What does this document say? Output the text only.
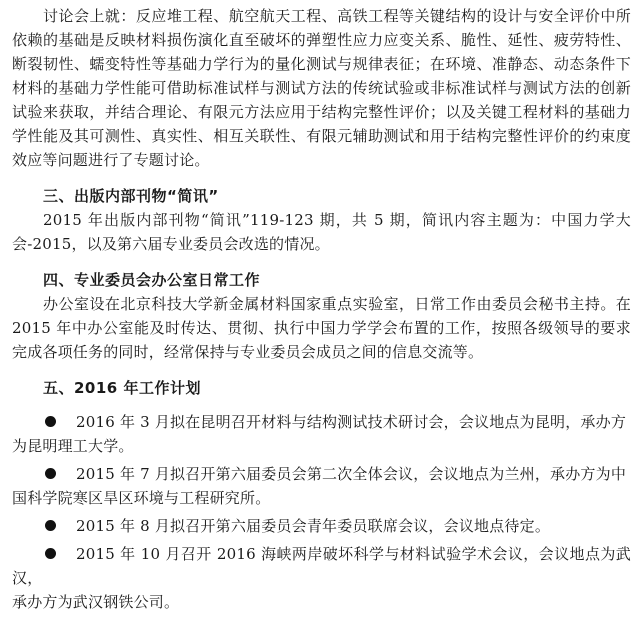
讨论会上就：反应堆工程、航空航天工程、高铁工程等关键结构的设计与安全评价中所依赖的基础是反映材料损伤演化直至破坏的弹塑性应力应变关系、脆性、延性、疲劳特性、断裂韧性、蠕变特性等基础力学行为的量化测试与规律表征；在环境、准静态、动态条件下材料的基础力学性能可借助标准试样与测试方法的传统试验或非标准试样与测试方法的创新试验来获取，并结合理论、有限元方法应用于结构完整性评价；以及关键工程材料的基础力学性能及其可测性、真实性、相互关联性、有限元辅助测试和用于结构完整性评价的约束度效应等问题进行了专题讨论。

三、出版内部刊物“简讯”

2015 年出版内部刊物“简讯”119-123 期，共 5 期，简讯内容主题为：中国力学大会-2015，以及第六届专业委员会改选的情况。

四、专业委员会办公室日常工作

办公室设在北京科技大学新金属材料国家重点实验室，日常工作由委员会秘书主持。在 2015 年中办公室能及时传达、贯彻、执行中国力学学会布置的工作，按照各级领导的要求完成各项任务的同时，经常保持与专业委员会成员之间的信息交流等。

五、2016 年工作计划

2016 年 3 月拟在昆明召开材料与结构测试技术研讨会，会议地点为昆明，承办方

为昆明理工大学。

2015 年 7 月拟召开第六届委员会第二次全体会议，会议地点为兰州，承办方为中

国科学院寒区旱区环境与工程研究所。

2015 年 8 月拟召开第六届委员会青年委员联席会议，会议地点待定。

2015 年 10 月召开 2016 海峡两岸破坏科学与材料试验学术会议，会议地点为武汉，

承办方为武汉钢铁公司。
